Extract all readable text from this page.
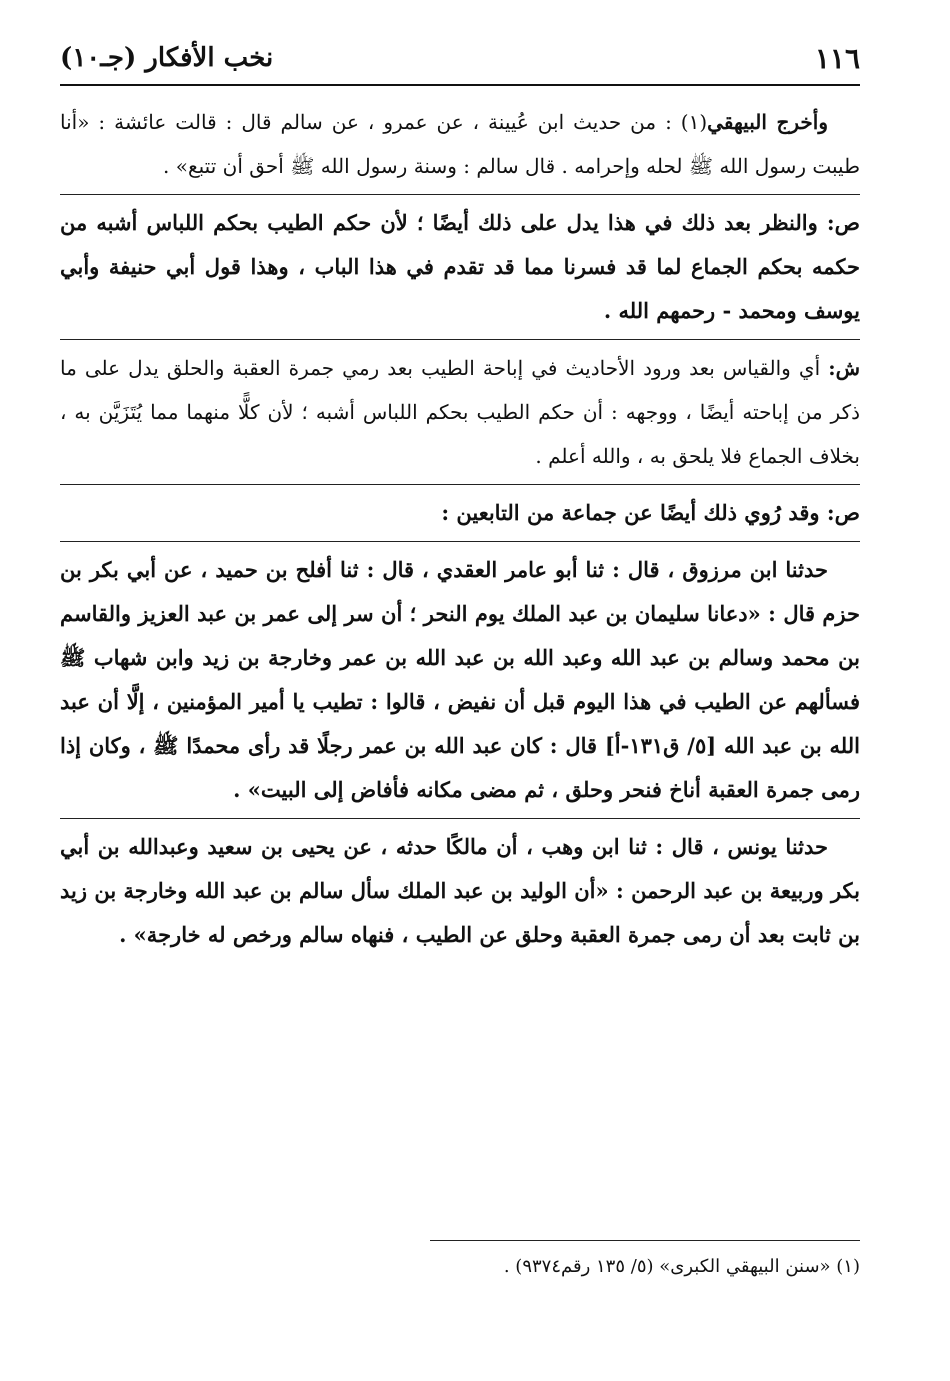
١١٦
نخب الأفكار (جـ١٠)

وأخرج البيهقي(١) : من حديث ابن عُيينة ، عن عمرو ، عن سالم قال : قالت عائشة : «أنا طيبت رسول الله ﷺ لحله وإحرامه . قال سالم : وسنة رسول الله ﷺ أحق أن تتبع» .

ص: والنظر بعد ذلك في هذا يدل على ذلك أيضًا ؛ لأن حكم الطيب بحكم اللباس أشبه من حكمه بحكم الجماع لما قد فسرنا مما قد تقدم في هذا الباب ، وهذا قول أبي حنيفة وأبي يوسف ومحمد - رحمهم الله .

ش: أي والقياس بعد ورود الأحاديث في إباحة الطيب بعد رمي جمرة العقبة والحلق يدل على ما ذكر من إباحته أيضًا ، ووجهه : أن حكم الطيب بحكم اللباس أشبه ؛ لأن كلًّا منهما مما يُتَزَيَّن به ، بخلاف الجماع فلا يلحق به ، والله أعلم .

ص: وقد رُوي ذلك أيضًا عن جماعة من التابعين :

حدثنا ابن مرزوق ، قال : ثنا أبو عامر العقدي ، قال : ثنا أفلح بن حميد ، عن أبي بكر بن حزم قال : «دعانا سليمان بن عبد الملك يوم النحر ؛ أن سر إلى عمر بن عبد العزيز والقاسم بن محمد وسالم بن عبد الله وعبد الله بن عبد الله بن عمر وخارجة بن زيد وابن شهاب ﷺ فسألهم عن الطيب في هذا اليوم قبل أن نفيض ، قالوا : تطيب يا أمير المؤمنين ، إلَّا أن عبد الله بن عبد الله [٥/ ق١٣١-أ] قال : كان عبد الله بن عمر رجلًا قد رأى محمدًا ﷺ ، وكان إذا رمى جمرة العقبة أناخ فنحر وحلق ، ثم مضى مكانه فأفاض إلى البيت» .

حدثنا يونس ، قال : ثنا ابن وهب ، أن مالكًا حدثه ، عن يحيى بن سعيد وعبدالله بن أبي بكر وربيعة بن عبد الرحمن : «أن الوليد بن عبد الملك سأل سالم بن عبد الله وخارجة بن زيد بن ثابت بعد أن رمى جمرة العقبة وحلق عن الطيب ، فنهاه سالم ورخص له خارجة» .

(١) «سنن البيهقي الكبرى» (٥/ ١٣٥ رقم٩٣٧٤) .
